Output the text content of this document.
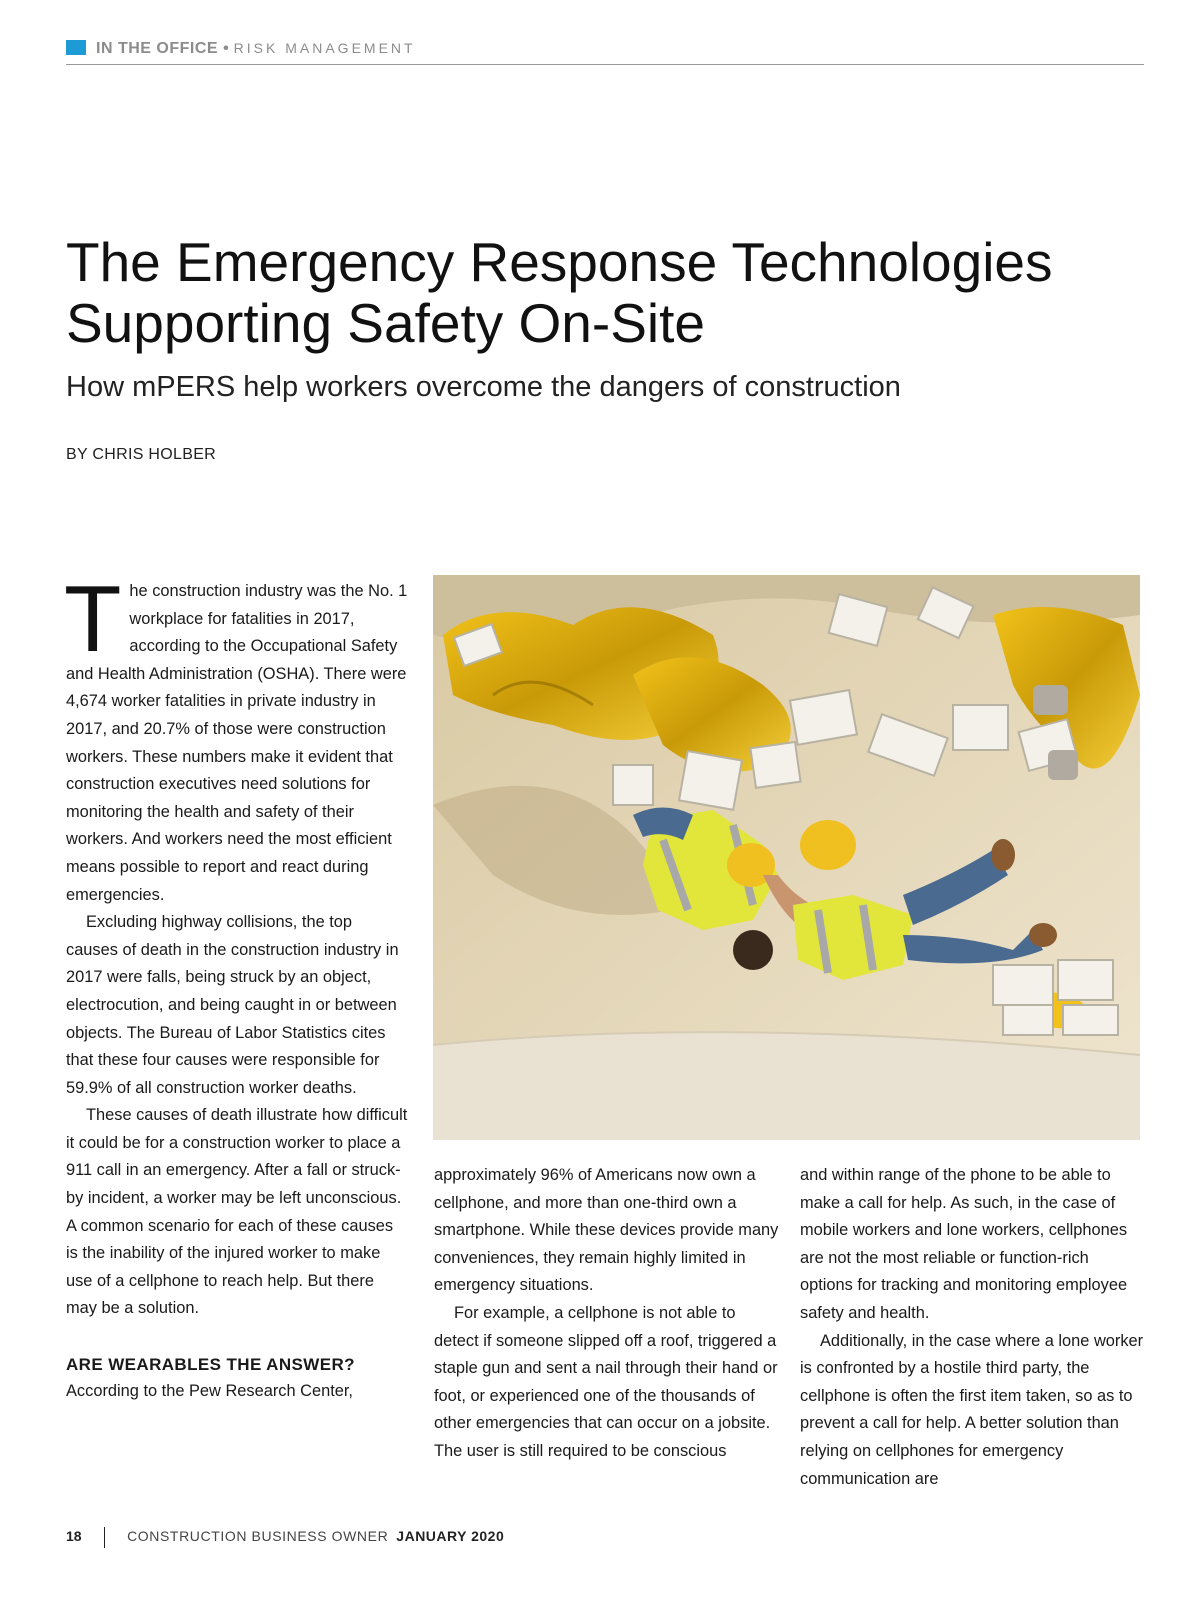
IN THE OFFICE • RISK MANAGEMENT
The Emergency Response Technologies
Supporting Safety On-Site
How mPERS help workers overcome the dangers of construction
BY CHRIS HOLBER

The construction industry was the No. 1 workplace for fatalities in 2017, according to the Occupational Safety and Health Administration (OSHA). There were 4,674 worker fatalities in private industry in 2017, and 20.7% of those were construction workers. These numbers make it evident that construction executives need solutions for monitoring the health and safety of their workers. And workers need the most efficient means possible to report and react during emergencies.

Excluding highway collisions, the top causes of death in the construction industry in 2017 were falls, being struck by an object, electrocution, and being caught in or between objects. The Bureau of Labor Statistics cites that these four causes were responsible for 59.9% of all construction worker deaths.

These causes of death illustrate how difficult it could be for a construction worker to place a 911 call in an emergency. After a fall or struck-by incident, a worker may be left unconscious. A common scenario for each of these causes is the inability of the injured worker to make use of a cellphone to reach help. But there may be a solution.

ARE WEARABLES THE ANSWER?

According to the Pew Research Center,

approximately 96% of Americans now own a cellphone, and more than one-third own a smartphone. While these devices provide many conveniences, they remain highly limited in emergency situations.

For example, a cellphone is not able to detect if someone slipped off a roof, triggered a staple gun and sent a nail through their hand or foot, or experienced one of the thousands of other emergencies that can occur on a jobsite. The user is still required to be conscious

and within range of the phone to be able to make a call for help. As such, in the case of mobile workers and lone workers, cellphones are not the most reliable or function-rich options for tracking and monitoring employee safety and health.

Additionally, in the case where a lone worker is confronted by a hostile third party, the cellphone is often the first item taken, so as to prevent a call for help. A better solution than relying on cellphones for emergency communication are

18	CONSTRUCTION BUSINESS OWNER JANUARY 2020
